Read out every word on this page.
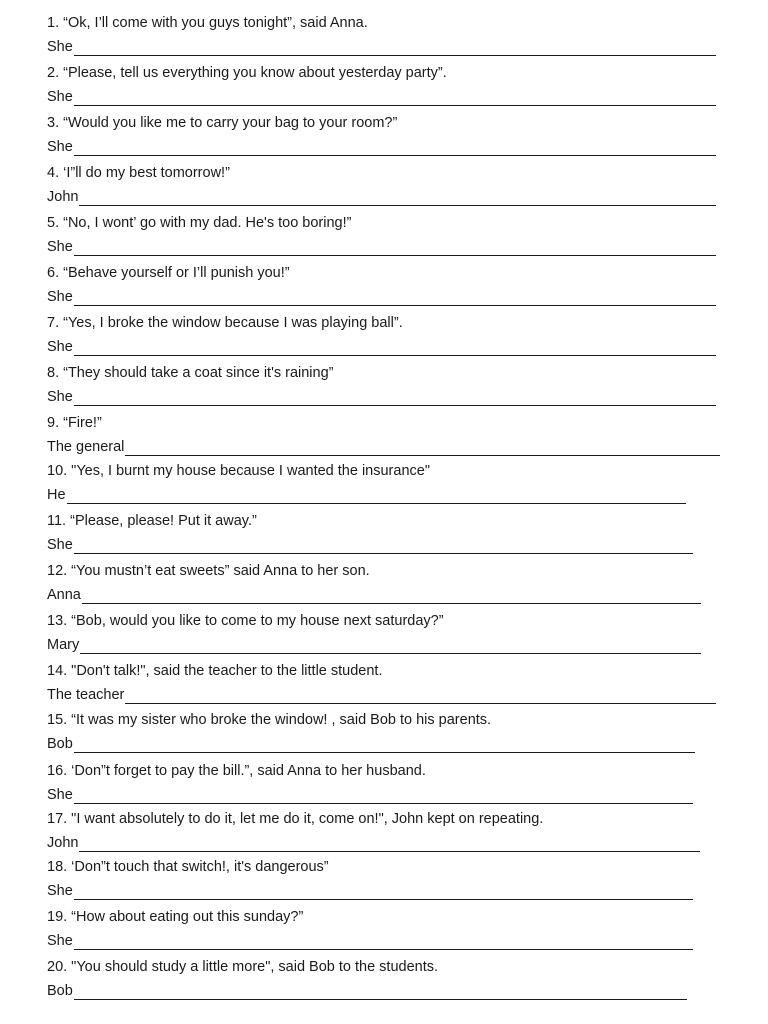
1. “Ok, I’ll come with you guys tonight”, said Anna.
She
2. “Please, tell us everything you know about yesterday party”.
She
3. “Would you like me to carry your bag to your room?”
She
4. ‘I”ll do my best tomorrow!”
John
5. “No, I wont’ go with my dad. He's too boring!”
She
6. “Behave yourself or I’ll punish you!”
She
7. “Yes, I broke the window because I was playing ball”.
She
8. “They should take a coat since it's raining”
She
9. “Fire!”
The general
10. "Yes, I burnt my house because I wanted the insurance"
He
11. “Please, please! Put it away.”
She
12. “You mustn’t eat sweets” said Anna to her son.
Anna
13. “Bob, would you like to come to my house next saturday?”
Mary
14. "Don't talk!", said the teacher to the little student.
The teacher
15. “It was my sister who broke the window! , said Bob to his parents.
Bob
16. ‘Don”t forget to pay the bill.”, said Anna to her husband.
She
17. "I want absolutely to do it, let me do it, come on!", John kept on repeating.
John
18. ‘Don”t touch that switch!, it's dangerous”
She
19. “How about eating out this sunday?”
She
20. "You should study a little more", said Bob to the students.
Bob
